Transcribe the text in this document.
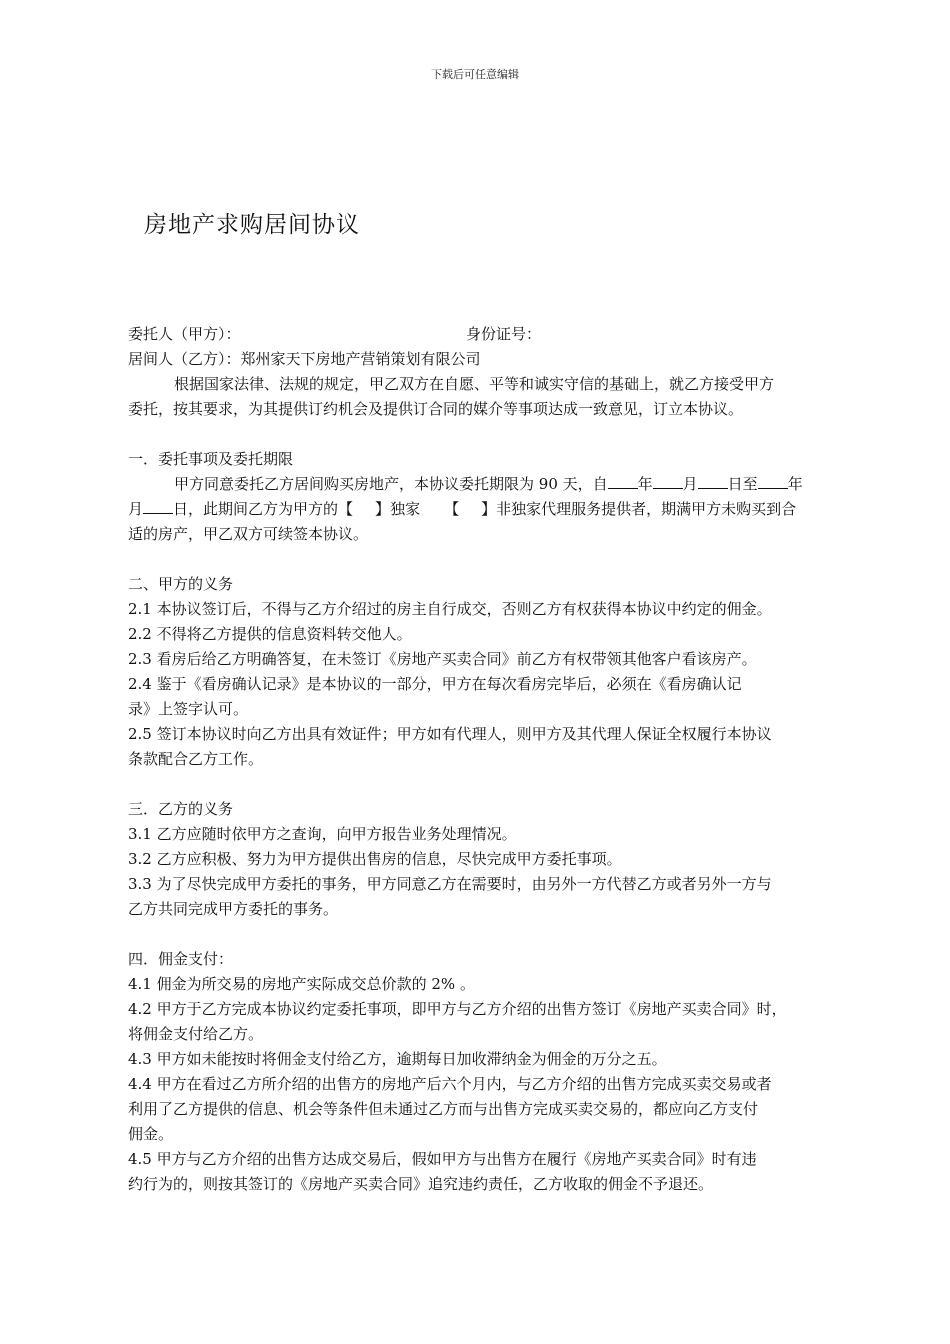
下载后可任意编辑
房地产求购居间协议
委托人（甲方）：	身份证号：
居间人（乙方）：郑州家天下房地产营销策划有限公司
根据国家法律、法规的规定，甲乙双方在自愿、平等和诚实守信的基础上，就乙方接受甲方
委托，按其要求，为其提供订约机会及提供订合同的媒介等事项达成一致意见，订立本协议。
一．委托事项及委托期限
甲方同意委托乙方居间购买房地产，本协议委托期限为 90 天，自 年 月 日至 年
月 日，此期间乙方为甲方的【 】独家 【 】非独家代理服务提供者，期满甲方未购买到合
适的房产，甲乙双方可续签本协议。
二、甲方的义务
2.1 本协议签订后，不得与乙方介绍过的房主自行成交，否则乙方有权获得本协议中约定的佣金。
2.2 不得将乙方提供的信息资料转交他人。
2.3 看房后给乙方明确答复，在未签订《房地产买卖合同》前乙方有权带领其他客户看该房产。
2.4 鉴于《看房确认记录》是本协议的一部分，甲方在每次看房完毕后，必须在《看房确认记
录》上签字认可。
2.5 签订本协议时向乙方出具有效证件；甲方如有代理人，则甲方及其代理人保证全权履行本协议
条款配合乙方工作。
三．乙方的义务
3.1 乙方应随时依甲方之查询，向甲方报告业务处理情况。
3.2 乙方应积极、努力为甲方提供出售房的信息，尽快完成甲方委托事项。
3.3 为了尽快完成甲方委托的事务，甲方同意乙方在需要时，由另外一方代替乙方或者另外一方与
乙方共同完成甲方委托的事务。
四．佣金支付：
4.1 佣金为所交易的房地产实际成交总价款的 2% 。
4.2 甲方于乙方完成本协议约定委托事项，即甲方与乙方介绍的出售方签订《房地产买卖合同》时，
将佣金支付给乙方。
4.3 甲方如未能按时将佣金支付给乙方，逾期每日加收滞纳金为佣金的万分之五。
4.4 甲方在看过乙方所介绍的出售方的房地产后六个月内，与乙方介绍的出售方完成买卖交易或者
利用了乙方提供的信息、机会等条件但未通过乙方而与出售方完成买卖交易的，都应向乙方支付
佣金。
4.5 甲方与乙方介绍的出售方达成交易后，假如甲方与出售方在履行《房地产买卖合同》时有违
约行为的，则按其签订的《房地产买卖合同》追究违约责任，乙方收取的佣金不予退还。
